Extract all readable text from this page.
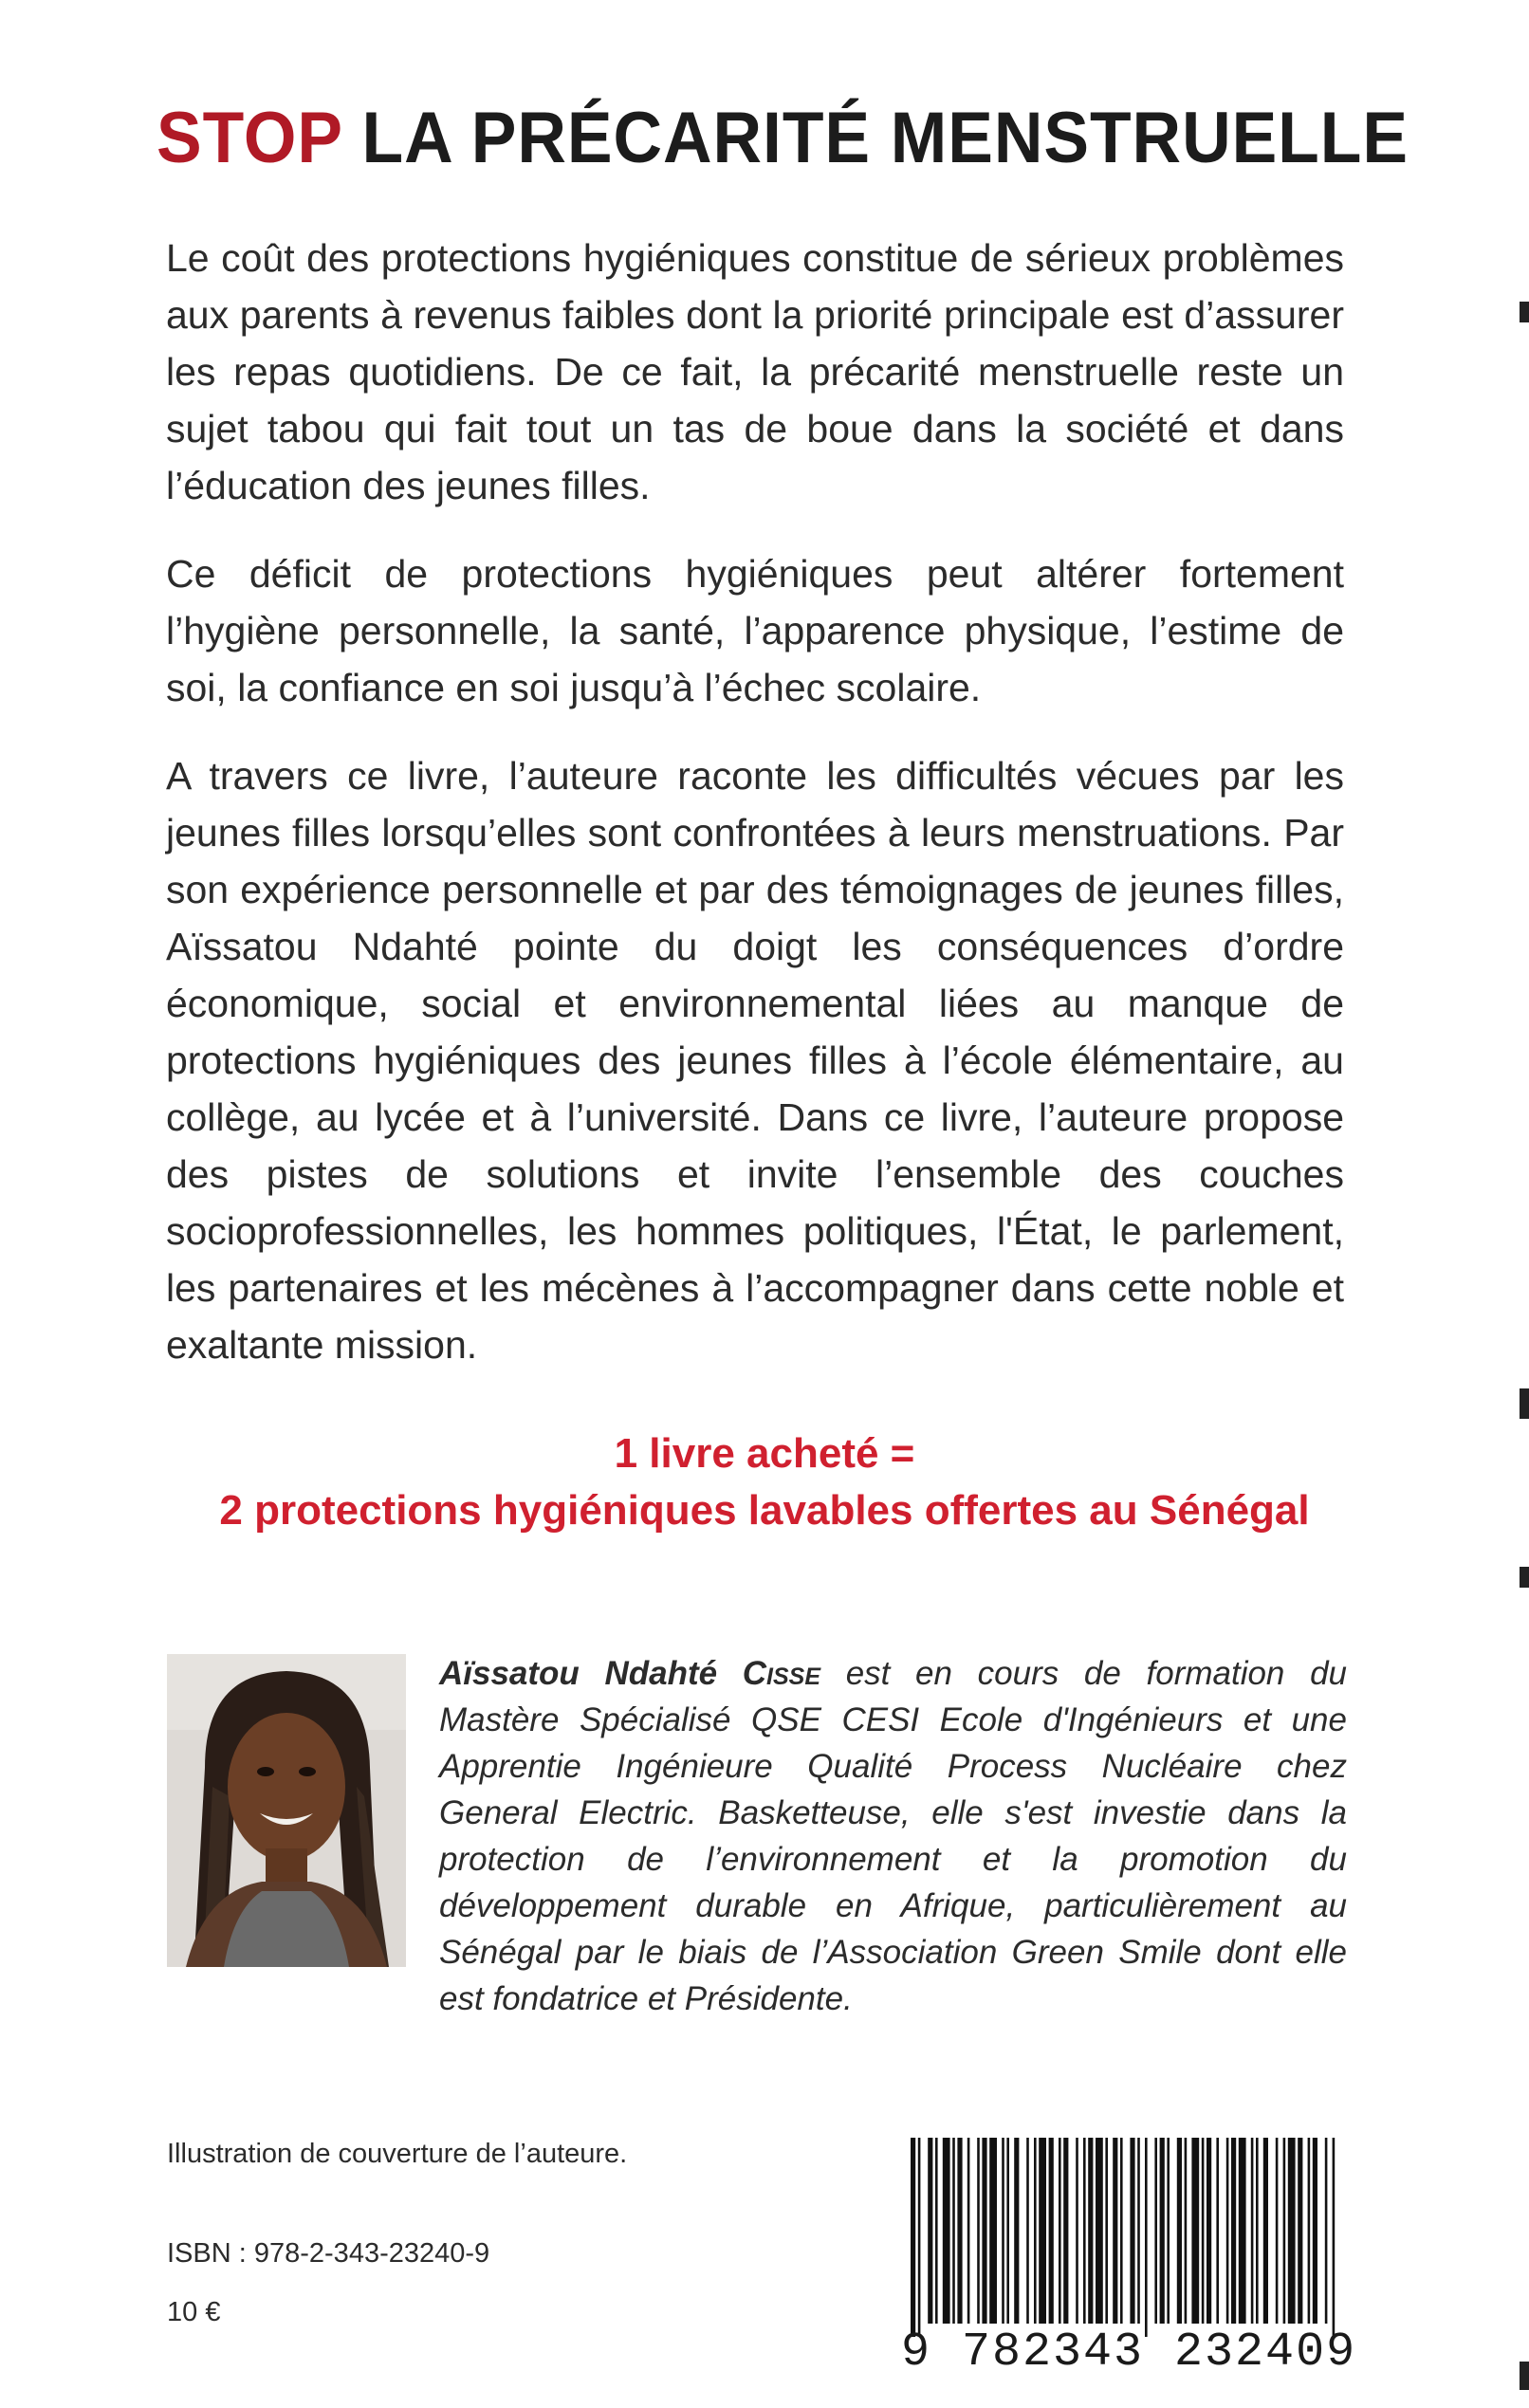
STOP LA PRÉCARITÉ MENSTRUELLE

Le coût des protections hygiéniques constitue de sérieux problèmes aux parents à revenus faibles dont la priorité principale est d’assurer les repas quotidiens. De ce fait, la précarité menstruelle reste un sujet tabou qui fait tout un tas de boue dans la société et dans l’éducation des jeunes filles.

Ce déficit de protections hygiéniques peut altérer fortement l’hygiène personnelle, la santé, l’apparence physique, l’estime de soi, la confiance en soi jusqu’à l’échec scolaire.

A travers ce livre, l’auteure raconte les difficultés vécues par les jeunes filles lorsqu’elles sont confrontées à leurs menstruations. Par son expérience personnelle et par des témoignages de jeunes filles, Aïssatou Ndahté pointe du doigt les conséquences d’ordre économique, social et environnemental liées au manque de protections hygiéniques des jeunes filles à l’école élémentaire, au collège, au lycée et à l’université. Dans ce livre, l’auteure propose des pistes de solutions et invite l’ensemble des couches socioprofessionnelles, les hommes politiques, l'État, le parlement, les partenaires et les mécènes à l’accompagner dans cette noble et exaltante mission.

1 livre acheté =
2 protections hygiéniques lavables offertes au Sénégal
Aïssatou Ndahté Cisse est en cours de formation du Mastère Spécialisé QSE CESI Ecole d'Ingénieurs et une Apprentie Ingénieure Qualité Process Nucléaire chez General Electric. Basketteuse, elle s'est investie dans la protection de l’environnement et la promotion du développement durable en Afrique, particulièrement au Sénégal par le biais de l’Association Green Smile dont elle est fondatrice et Présidente.
Illustration de couverture de l’auteure.
ISBN : 978-2-343-23240-9
10 €
9 782343 232409
